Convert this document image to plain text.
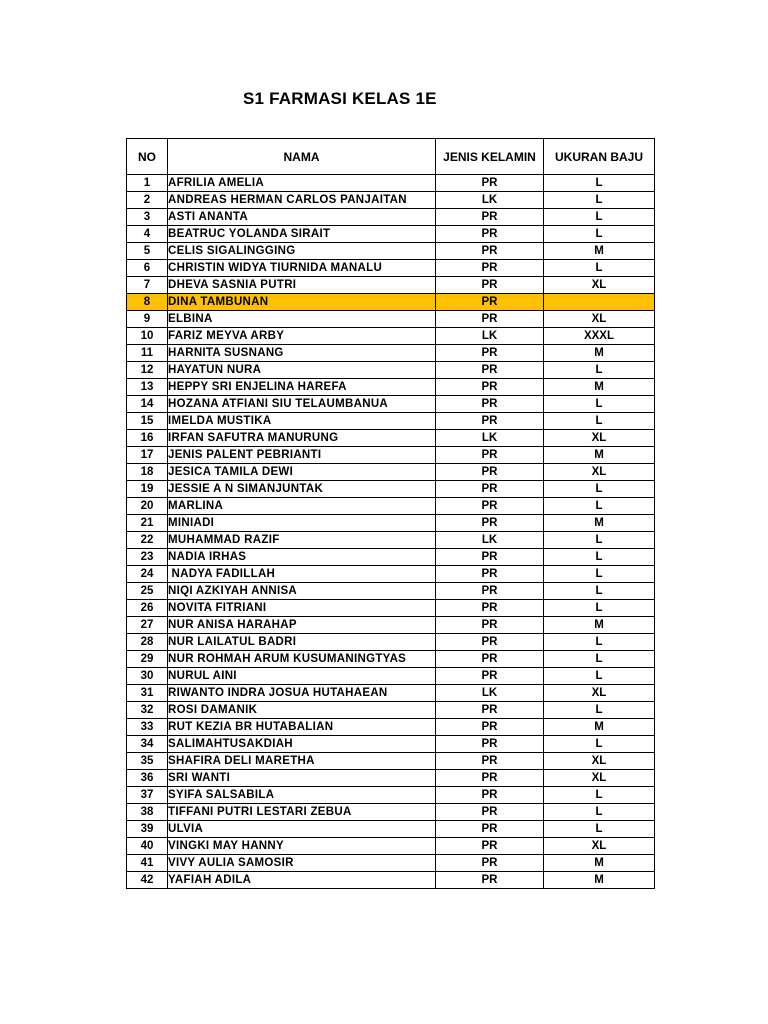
S1 FARMASI KELAS 1E
NO	NAMA	JENIS KELAMIN	UKURAN BAJU
1	AFRILIA AMELIA	PR	L
2	ANDREAS HERMAN CARLOS PANJAITAN	LK	L
3	ASTI ANANTA	PR	L
4	BEATRUC YOLANDA SIRAIT	PR	L
5	CELIS SIGALINGGING	PR	M
6	CHRISTIN WIDYA TIURNIDA MANALU	PR	L
7	DHEVA SASNIA PUTRI	PR	XL
8	DINA TAMBUNAN	PR	
9	ELBINA	PR	XL
10	FARIZ MEYVA ARBY	LK	XXXL
11	HARNITA SUSNANG	PR	M
12	HAYATUN NURA	PR	L
13	HEPPY SRI ENJELINA HAREFA	PR	M
14	HOZANA ATFIANI SIU TELAUMBANUA	PR	L
15	IMELDA MUSTIKA	PR	L
16	IRFAN SAFUTRA MANURUNG	LK	XL
17	JENIS PALENT PEBRIANTI	PR	M
18	JESICA TAMILA DEWI	PR	XL
19	JESSIE A N SIMANJUNTAK	PR	L
20	MARLINA	PR	L
21	MINIADI	PR	M
22	MUHAMMAD RAZIF	LK	L
23	NADIA IRHAS	PR	L
24	NADYA FADILLAH	PR	L
25	NIQI AZKIYAH ANNISA	PR	L
26	NOVITA FITRIANI	PR	L
27	NUR ANISA HARAHAP	PR	M
28	NUR LAILATUL BADRI	PR	L
29	NUR ROHMAH ARUM KUSUMANINGTYAS	PR	L
30	NURUL AINI	PR	L
31	RIWANTO INDRA JOSUA HUTAHAEAN	LK	XL
32	ROSI DAMANIK	PR	L
33	RUT KEZIA BR HUTABALIAN	PR	M
34	SALIMAHTUSAKDIAH	PR	L
35	SHAFIRA DELI MARETHA	PR	XL
36	SRI WANTI	PR	XL
37	SYIFA SALSABILA	PR	L
38	TIFFANI PUTRI LESTARI ZEBUA	PR	L
39	ULVIA	PR	L
40	VINGKI MAY HANNY	PR	XL
41	VIVY AULIA SAMOSIR	PR	M
42	YAFIAH ADILA	PR	M
